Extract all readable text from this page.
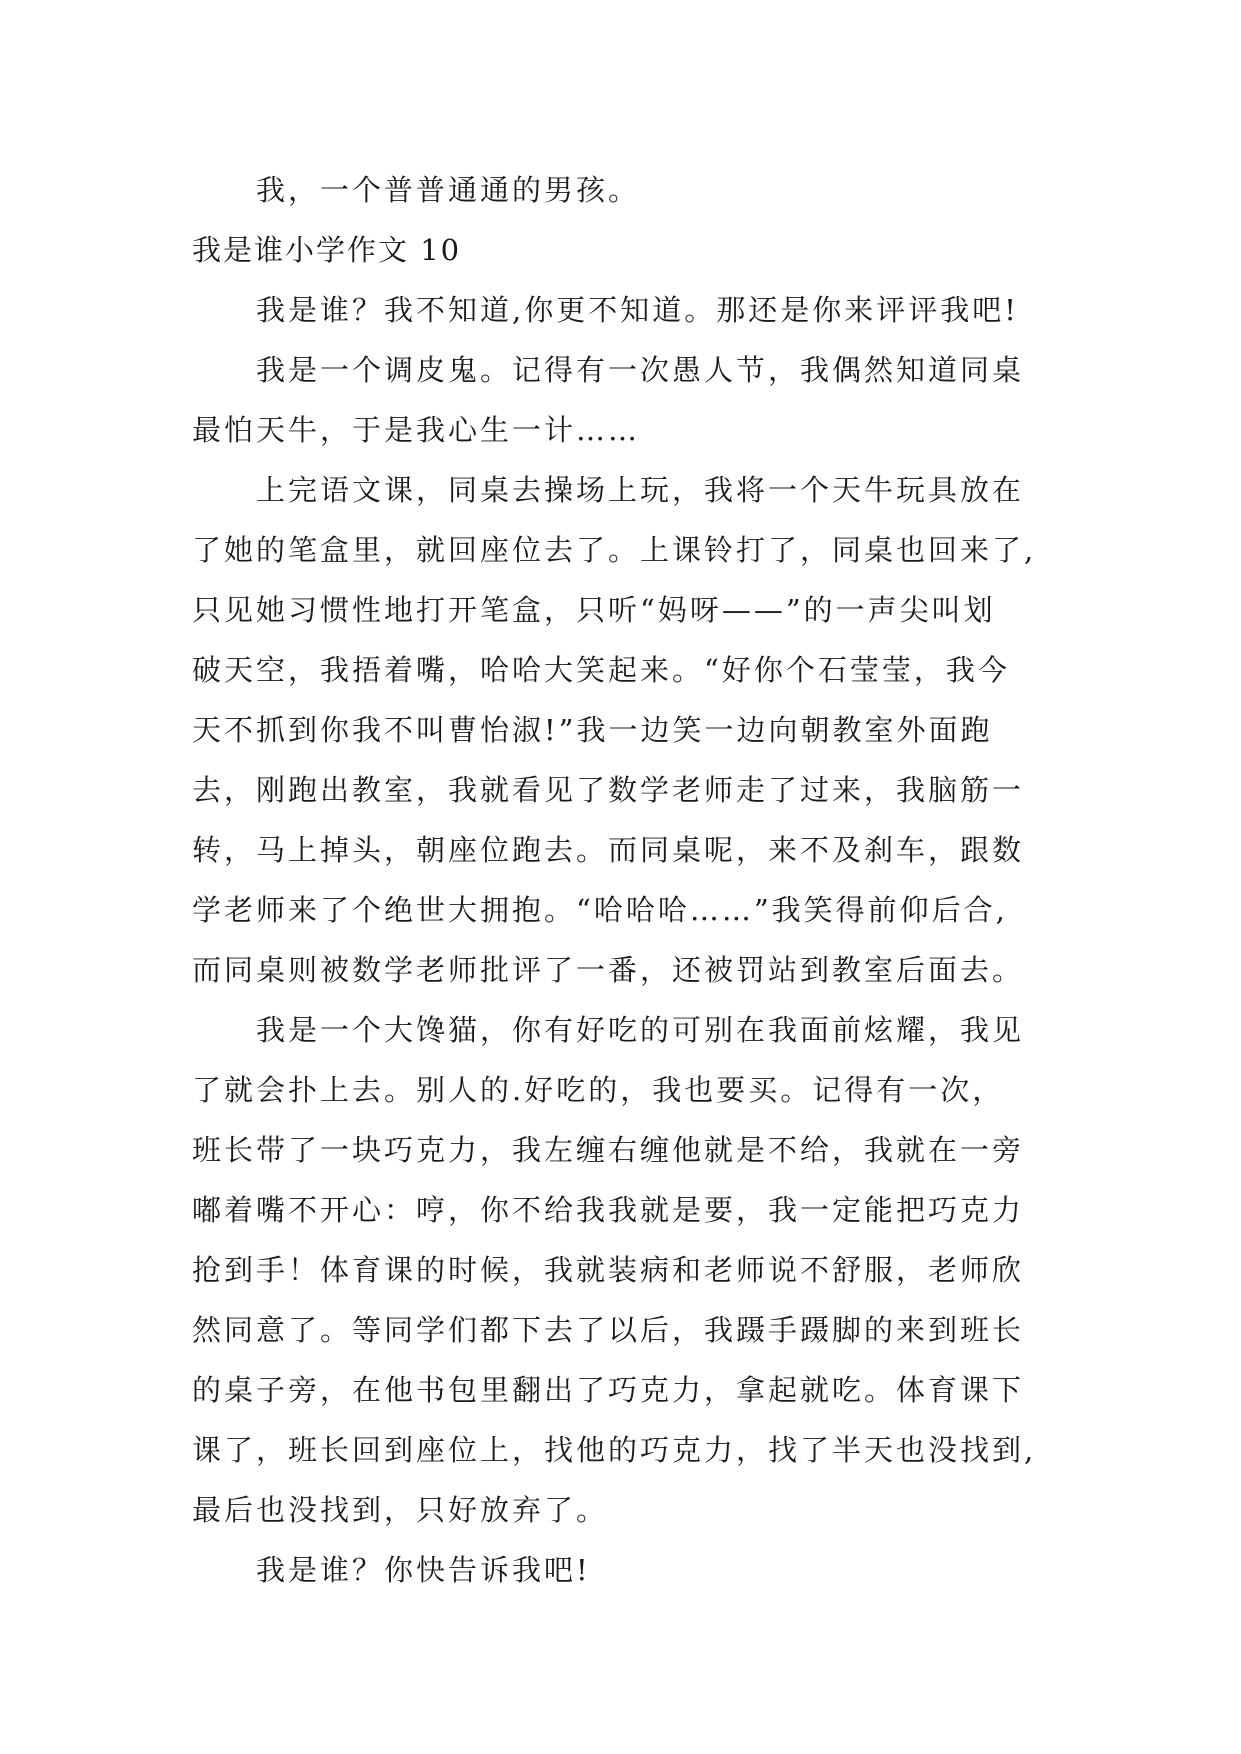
我，一个普普通通的男孩。
我是谁小学作文 10
我是谁？我不知道,你更不知道。那还是你来评评我吧!
我是一个调皮鬼。记得有一次愚人节，我偶然知道同桌
最怕天牛，于是我心生一计……
上完语文课，同桌去操场上玩，我将一个天牛玩具放在
了她的笔盒里，就回座位去了。上课铃打了，同桌也回来了,
只见她习惯性地打开笔盒，只听“妈呀——”的一声尖叫划
破天空，我捂着嘴，哈哈大笑起来。“好你个石莹莹，我今
天不抓到你我不叫曹怡淑!”我一边笑一边向朝教室外面跑
去，刚跑出教室，我就看见了数学老师走了过来，我脑筋一
转，马上掉头，朝座位跑去。而同桌呢，来不及刹车，跟数
学老师来了个绝世大拥抱。“哈哈哈……”我笑得前仰后合,
而同桌则被数学老师批评了一番，还被罚站到教室后面去。
我是一个大馋猫，你有好吃的可别在我面前炫耀，我见
了就会扑上去。别人的.好吃的，我也要买。记得有一次，
班长带了一块巧克力，我左缠右缠他就是不给，我就在一旁
嘟着嘴不开心：哼，你不给我我就是要，我一定能把巧克力
抢到手！体育课的时候，我就装病和老师说不舒服，老师欣
然同意了。等同学们都下去了以后，我蹑手蹑脚的来到班长
的桌子旁，在他书包里翻出了巧克力，拿起就吃。体育课下
课了，班长回到座位上，找他的巧克力，找了半天也没找到,
最后也没找到，只好放弃了。
我是谁？你快告诉我吧!
